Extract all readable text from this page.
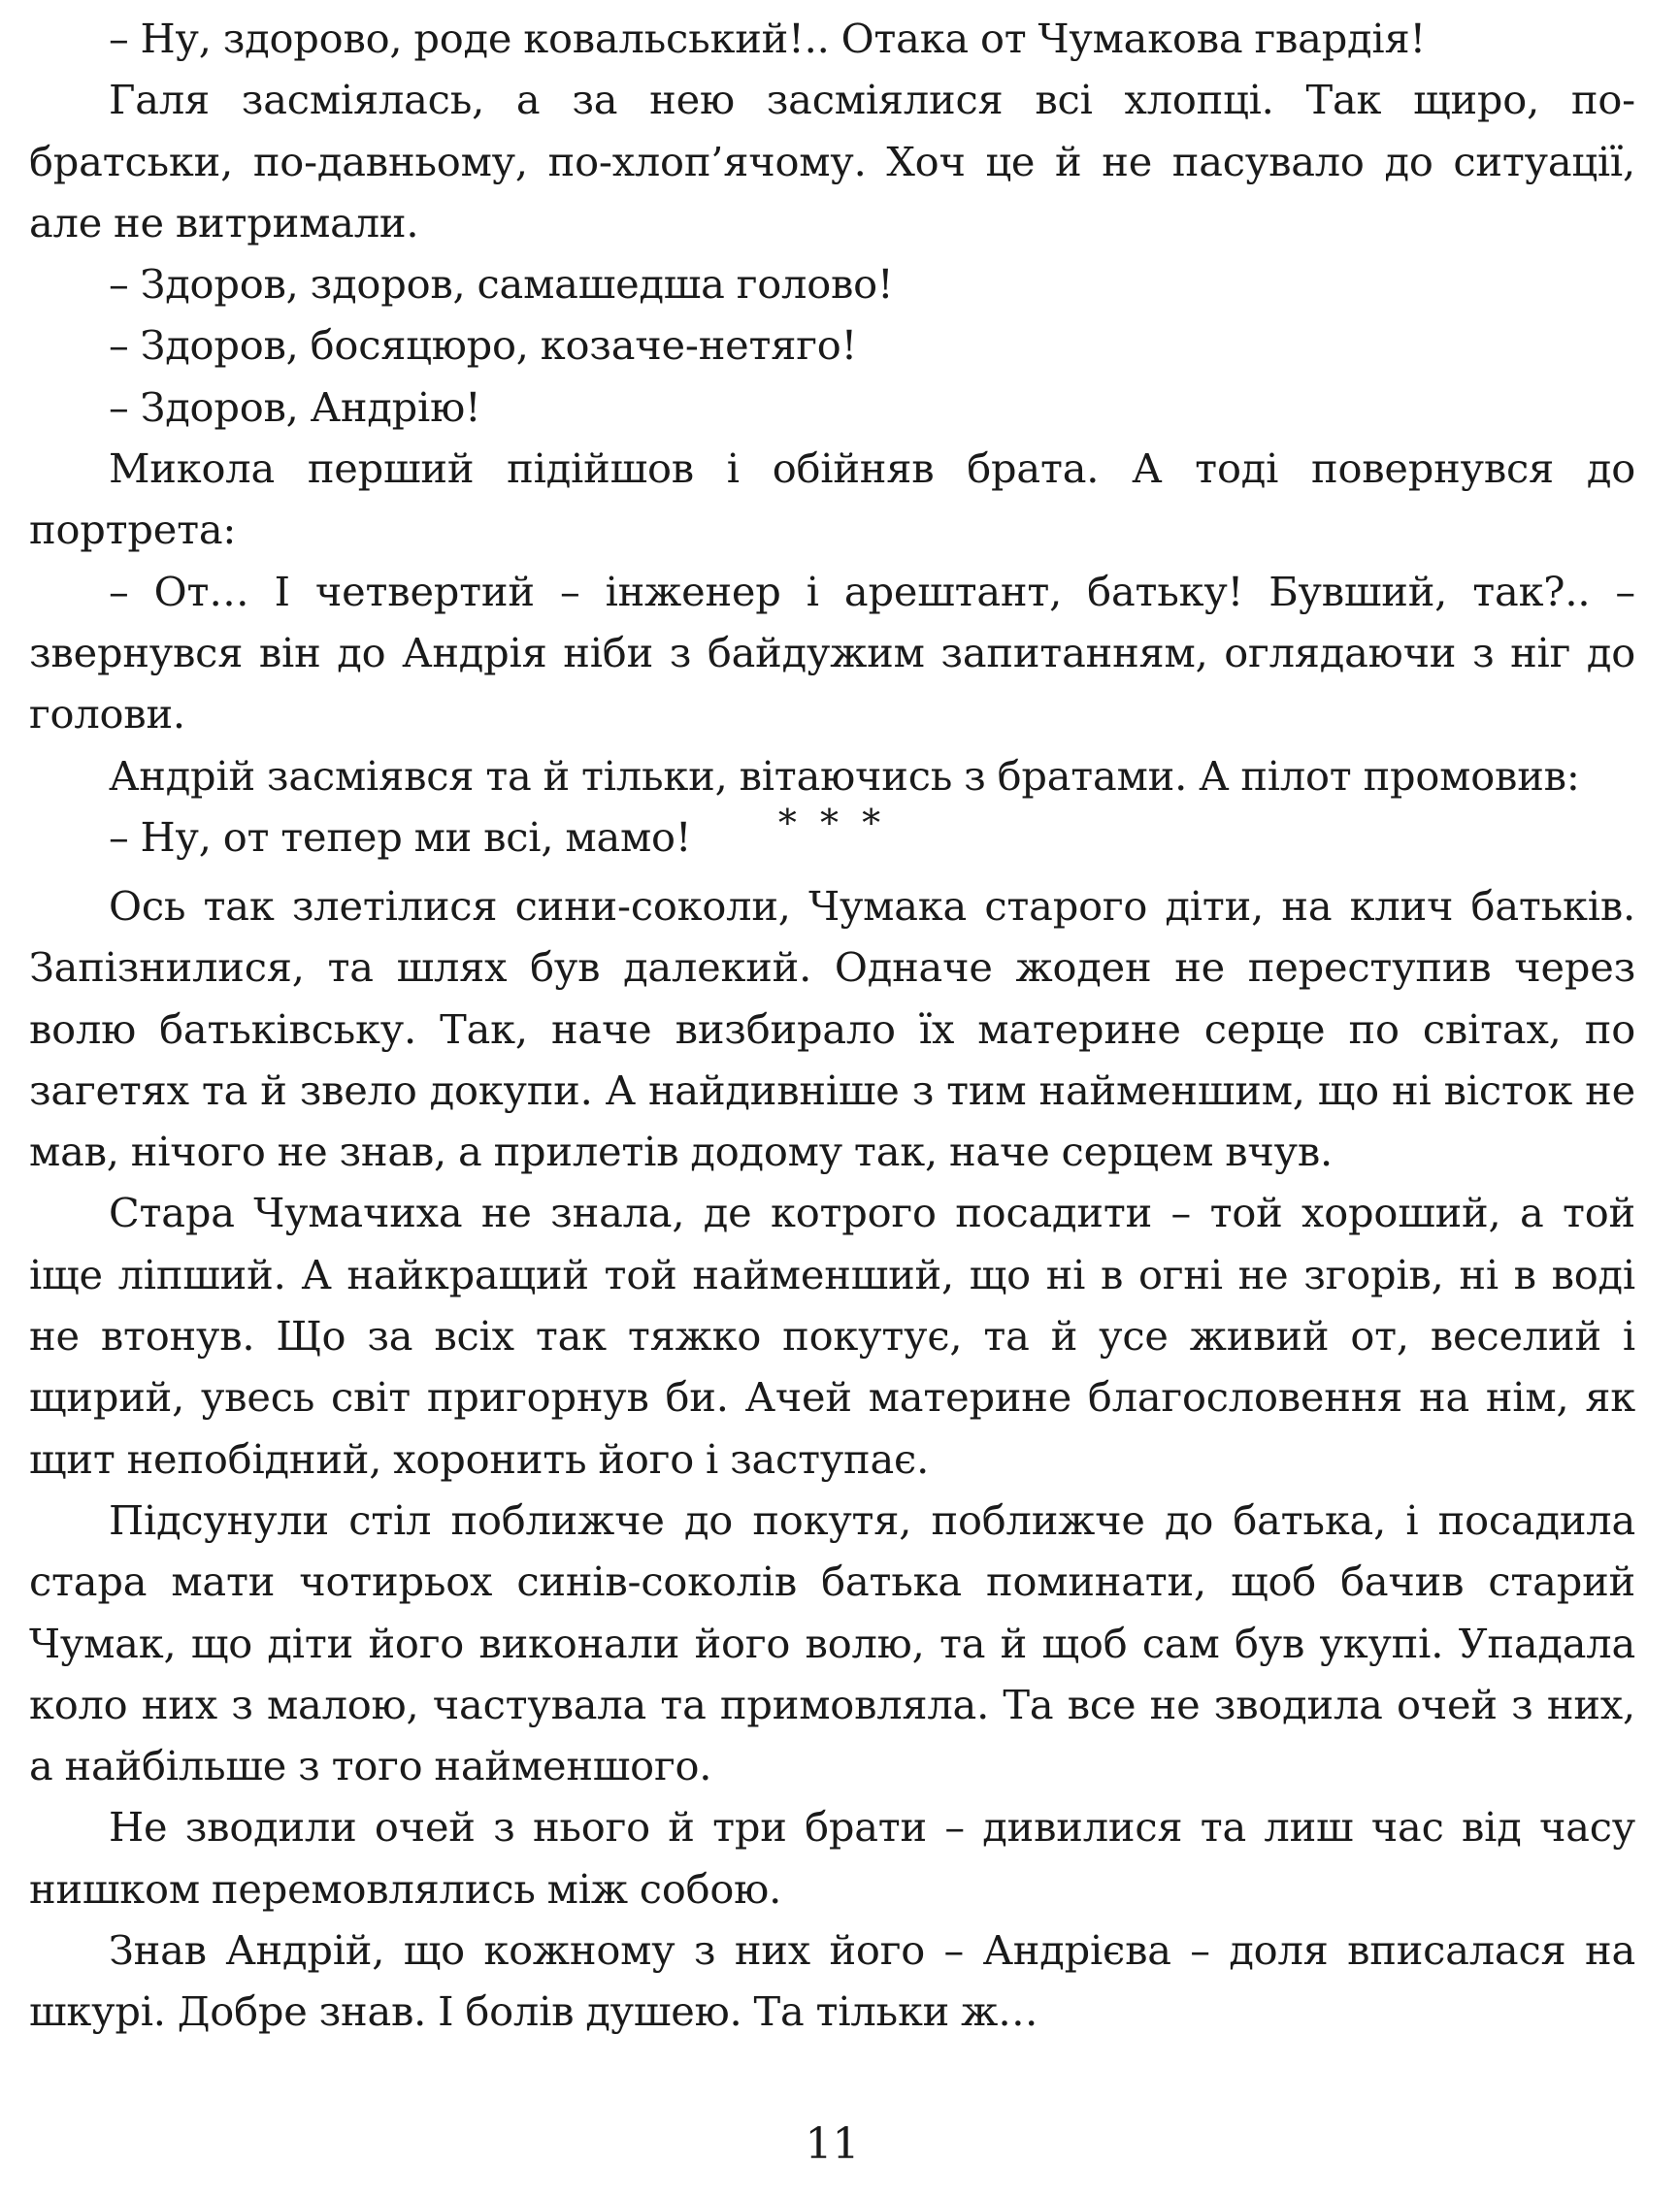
– Ну, здорово, роде ковальський!.. Отака от Чумакова гвардія!

Галя засміялась, а за нею засміялися всі хлопці. Так щиро, по-братськи, по-давньому, по-хлоп’ячому. Хоч це й не пасувало до ситуації, але не витримали.

– Здоров, здоров, самашедша голово!

– Здоров, босяцюро, козаче-нетяго!

– Здоров, Андрію!

Микола перший підійшов і обійняв брата. А тоді повернувся до портрета:

– От… І четвертий – інженер і арештант, батьку! Бувший, так?.. – звернувся він до Андрія ніби з байдужим запитанням, оглядаючи з ніг до голови.

Андрій засміявся та й тільки, вітаючись з братами. А пілот промовив:

– Ну, от тепер ми всі, мамо!	* * *

Ось так злетілися сини-соколи, Чумака старого діти, на клич батьків. Запізнилися, та шлях був далекий. Одначе жоден не переступив через волю батьківську. Так, наче визбирало їх материне серце по світах, по загетях та й звело докупи. А найдивніше з тим найменшим, що ні вісток не мав, нічого не знав, а прилетів додому так, наче серцем вчув.

Стара Чумачиха не знала, де котрого посадити – той хороший, а той іще ліпший. А найкращий той найменший, що ні в огні не згорів, ні в воді не втонув. Що за всіх так тяжко покутує, та й усе живий от, веселий і щирий, увесь світ пригорнув би. Ачей материне благословення на нім, як щит непобідний, хоронить його і заступає.

Підсунули стіл поближче до покутя, поближче до батька, і посадила стара мати чотирьох синів-соколів батька поминати, щоб бачив старий Чумак, що діти його виконали його волю, та й щоб сам був укупі. Упадала коло них з малою, частувала та примовляла. Та все не зводила очей з них, а найбільше з того найменшого.

Не зводили очей з нього й три брати – дивилися та лиш час від часу нишком перемовлялись між собою.

Знав Андрій, що кожному з них його – Андрієва – доля вписалася на шкурі. Добре знав. І болів душею. Та тільки ж…

11
